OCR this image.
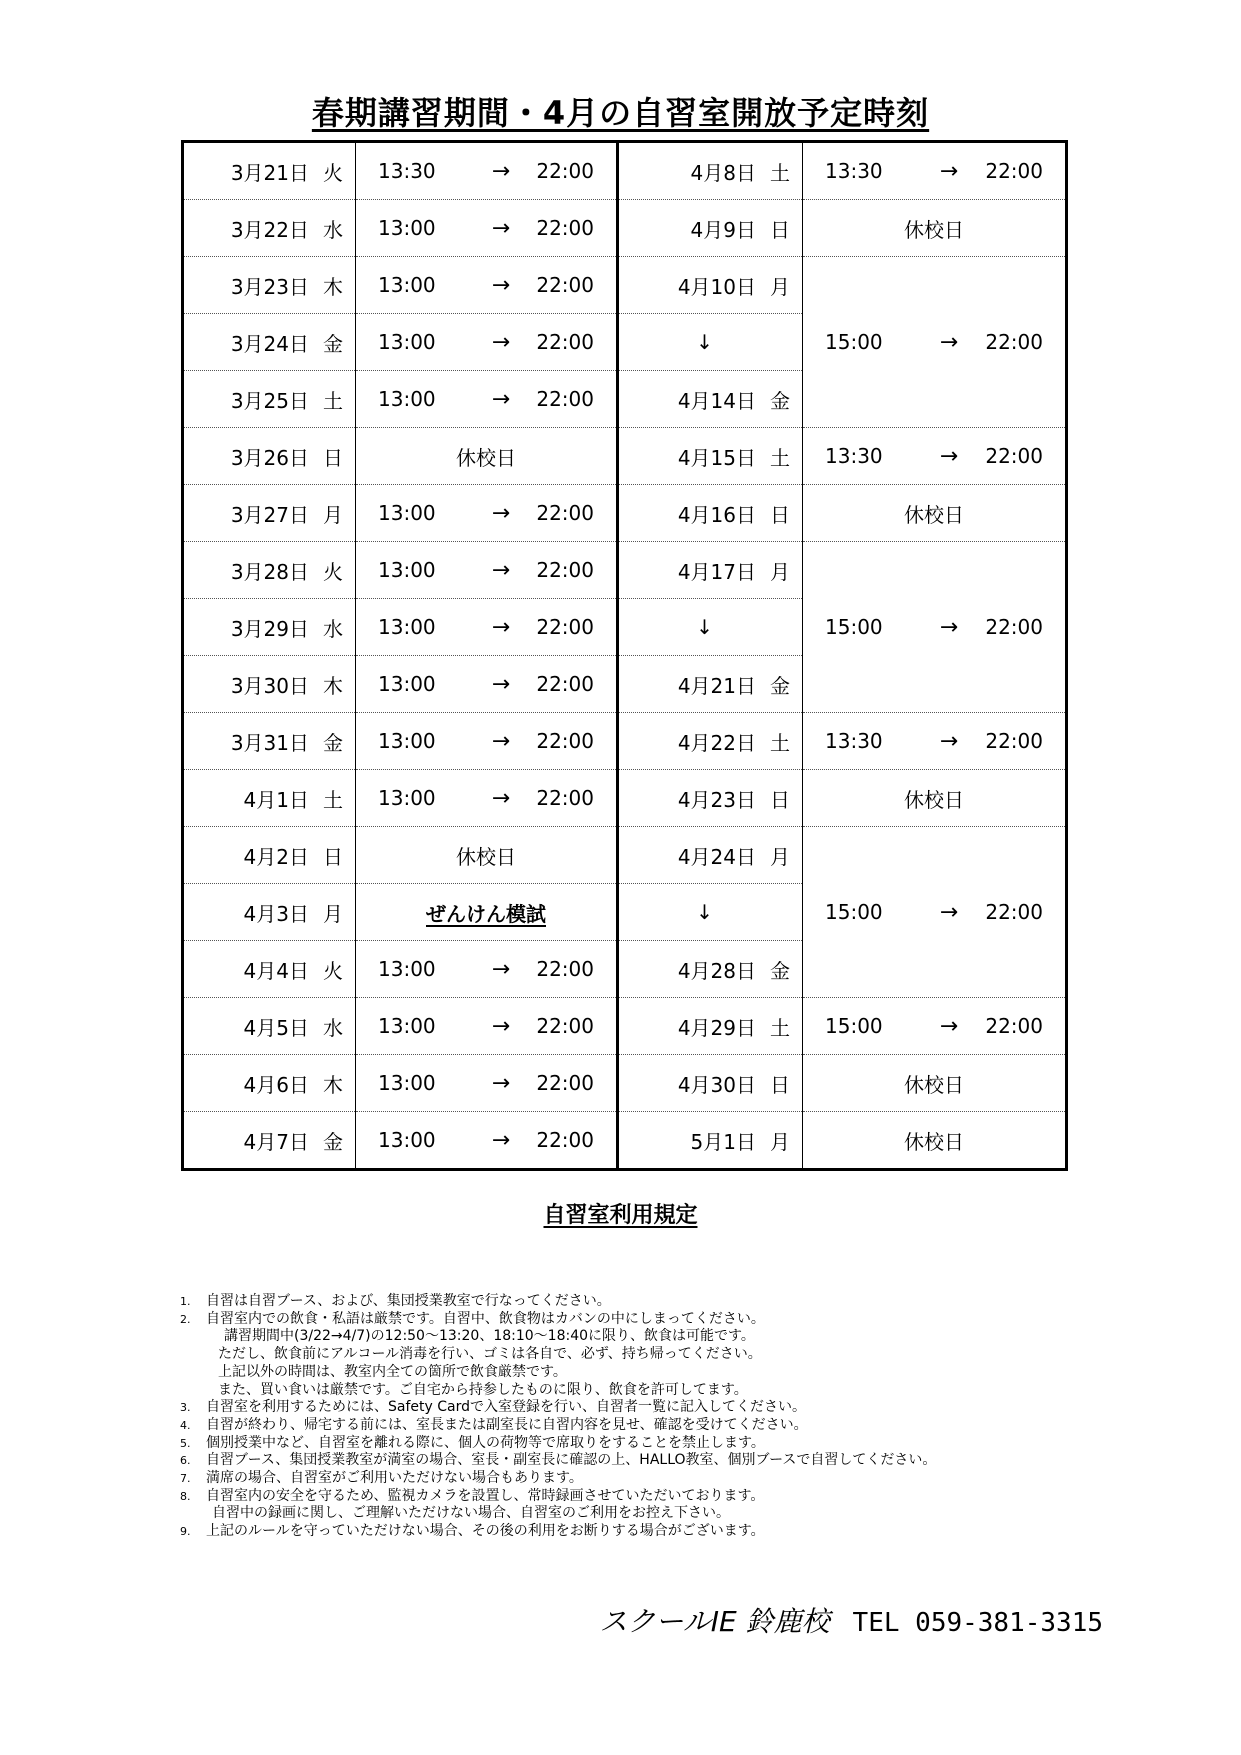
春期講習期間・4月の自習室開放予定時刻
3月21日 火	13:30 → 22:00	4月8日 土	13:30 → 22:00

3月22日 水	13:00 → 22:00	4月9日 日	休校日

3月23日 木	13:00 → 22:00	4月10日 月	15:00 → 22:00

3月24日 金	13:00 → 22:00	↓	
3月25日 土	13:00 → 22:00	4月14日 金	
3月26日 日	休校日	4月15日 土	13:30 → 22:00

3月27日 月	13:00 → 22:00	4月16日 日	休校日

3月28日 火	13:00 → 22:00	4月17日 月	15:00 → 22:00

3月29日 水	13:00 → 22:00	↓	
3月30日 木	13:00 → 22:00	4月21日 金	
3月31日 金	13:00 → 22:00	4月22日 土	13:30 → 22:00

4月1日 土	13:00 → 22:00	4月23日 日	休校日

4月2日 日	休校日	4月24日 月	15:00 → 22:00

4月3日 月	ぜんけん模試	↓	
4月4日 火	13:00 → 22:00	4月28日 金	
4月5日 水	13:00 → 22:00	4月29日 土	15:00 → 22:00

4月6日 木	13:00 → 22:00	4月30日 日	休校日

4月7日 金	13:00 → 22:00	5月1日 月	休校日
自習室利用規定
1. 自習は自習ブース、および、集団授業教室で行なってください。
2. 自習室内での飲食・私語は厳禁です。自習中、飲食物はカバンの中にしまってください。
講習期間中(3/22→4/7)の12:50～13:20、18:10～18:40に限り、飲食は可能です。
ただし、飲食前にアルコール消毒を行い、ゴミは各自で、必ず、持ち帰ってください。
上記以外の時間は、教室内全ての箇所で飲食厳禁です。
また、買い食いは厳禁です。ご自宅から持参したものに限り、飲食を許可してます。
3. 自習室を利用するためには、Safety Cardで入室登録を行い、自習者一覧に記入してください。
4. 自習が終わり、帰宅する前には、室長または副室長に自習内容を見せ、確認を受けてください。
5. 個別授業中など、自習室を離れる際に、個人の荷物等で席取りをすることを禁止します。
6. 自習ブース、集団授業教室が満室の場合、室長・副室長に確認の上、HALLO教室、個別ブースで自習してください。
7. 満席の場合、自習室がご利用いただけない場合もあります。
8. 自習室内の安全を守るため、監視カメラを設置し、常時録画させていただいております。
自習中の録画に関し、ご理解いただけない場合、自習室のご利用をお控え下さい。
9. 上記のルールを守っていただけない場合、その後の利用をお断りする場合がございます。
スクールIE 鈴鹿校 TEL 059-381-3315
